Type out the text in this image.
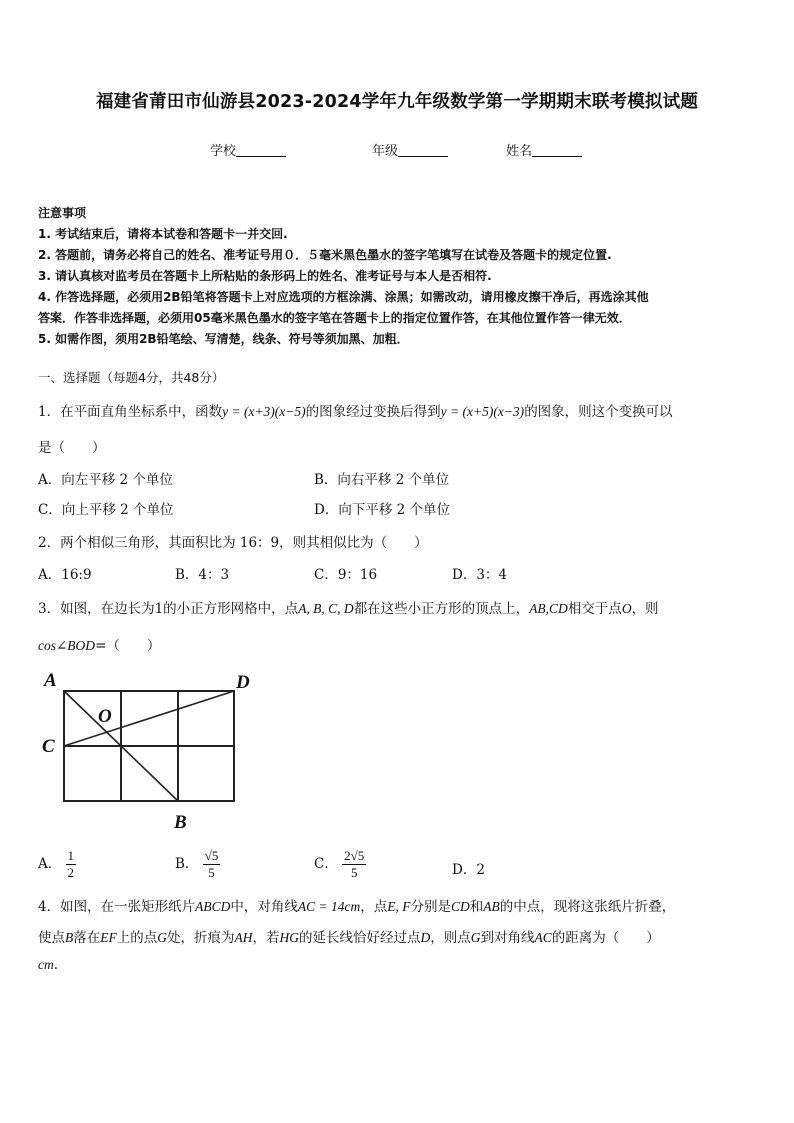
福建省莆田市仙游县2023-2024学年九年级数学第一学期期末联考模拟试题
学校	年级	姓名
注意事项
1. 考试结束后，请将本试卷和答题卡一并交回.
2. 答题前，请务必将自己的姓名、准考证号用０．５毫米黑色墨水的签字笔填写在试卷及答题卡的规定位置.
3. 请认真核对监考员在答题卡上所粘贴的条形码上的姓名、准考证号与本人是否相符.
4. 作答选择题，必须用2B铅笔将答题卡上对应选项的方框涂满、涂黑；如需改动，请用橡皮擦干净后，再选涂其他
答案．作答非选择题，必须用05毫米黑色墨水的签字笔在答题卡上的指定位置作答，在其他位置作答一律无效．
5. 如需作图，须用2B铅笔绘、写清楚，线条、符号等须加黑、加粗．
一、选择题（每题4分，共48分）
1．在平面直角坐标系中，函数y = (x+3)(x−5)的图象经过变换后得到y = (x+5)(x−3)的图象，则这个变换可以
是（　　）
A．向左平移 2 个单位	B．向右平移 2 个单位
C．向上平移 2 个单位	D．向下平移 2 个单位
2．两个相似三角形，其面积比为 16：9，则其相似比为（　　）
A．16:9	B．4：3	C．9：16	D．3：4
3．如图，在边长为1的小正方形网格中，点A, B, C, D都在这些小正方形的顶点上，AB,CD相交于点O，则
cos∠BOD=（　　）
A	D
C
O
B
A． $\frac{1}{2}$	B． $\frac{√5}{5}$	C． $\frac{2√5}{5}$	D．2
4．如图，在一张矩形纸片ABCD中，对角线AC = 14cm，点E, F分别是CD和AB的中点，现将这张纸片折叠，
使点B落在EF上的点G处，折痕为AH，若HG的延长线恰好经过点D，则点G到对角线AC的距离为（　　）
cm.
